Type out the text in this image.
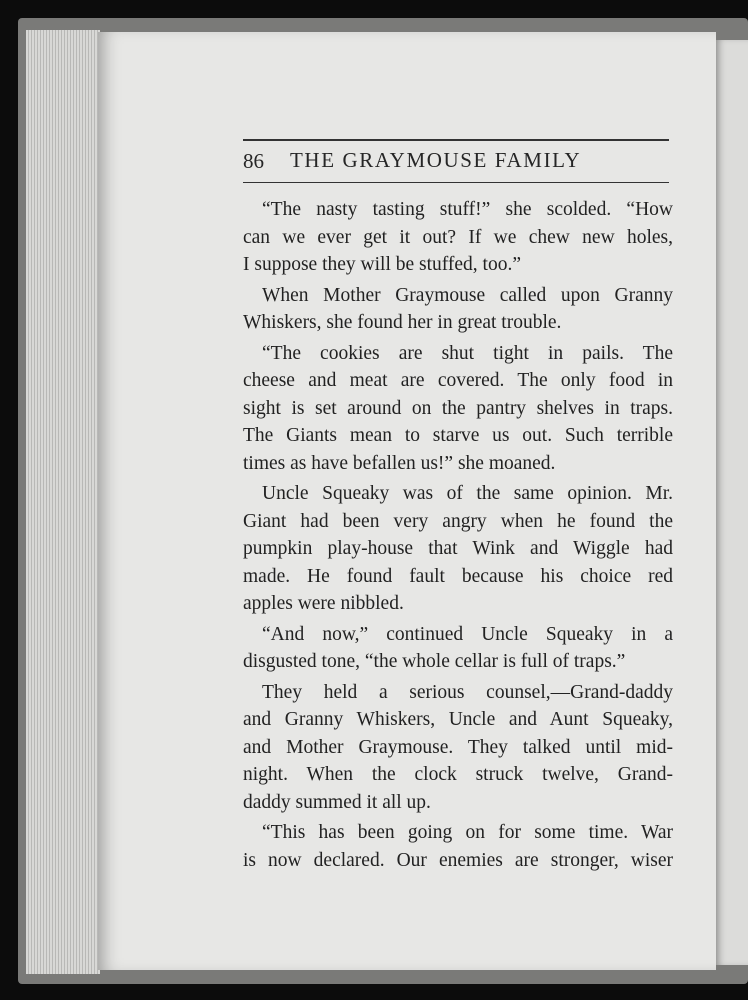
86 THE GRAYMOUSE FAMILY
“The nasty tasting stuff!” she scolded. “How
can we ever get it out? If we chew new holes,
I suppose they will be stuffed, too.”
When Mother Graymouse called upon Granny
Whiskers, she found her in great trouble.
“The cookies are shut tight in pails. The
cheese and meat are covered. The only food in
sight is set around on the pantry shelves in traps.
The Giants mean to starve us out. Such terrible
times as have befallen us!” she moaned.
Uncle Squeaky was of the same opinion. Mr.
Giant had been very angry when he found the
pumpkin play-house that Wink and Wiggle had
made. He found fault because his choice red
apples were nibbled.
“And now,” continued Uncle Squeaky in a
disgusted tone, “the whole cellar is full of traps.”
They held a serious counsel,—Grand-daddy
and Granny Whiskers, Uncle and Aunt Squeaky,
and Mother Graymouse. They talked until mid-
night. When the clock struck twelve, Grand-
daddy summed it all up.
“This has been going on for some time. War
is now declared. Our enemies are stronger, wiser
